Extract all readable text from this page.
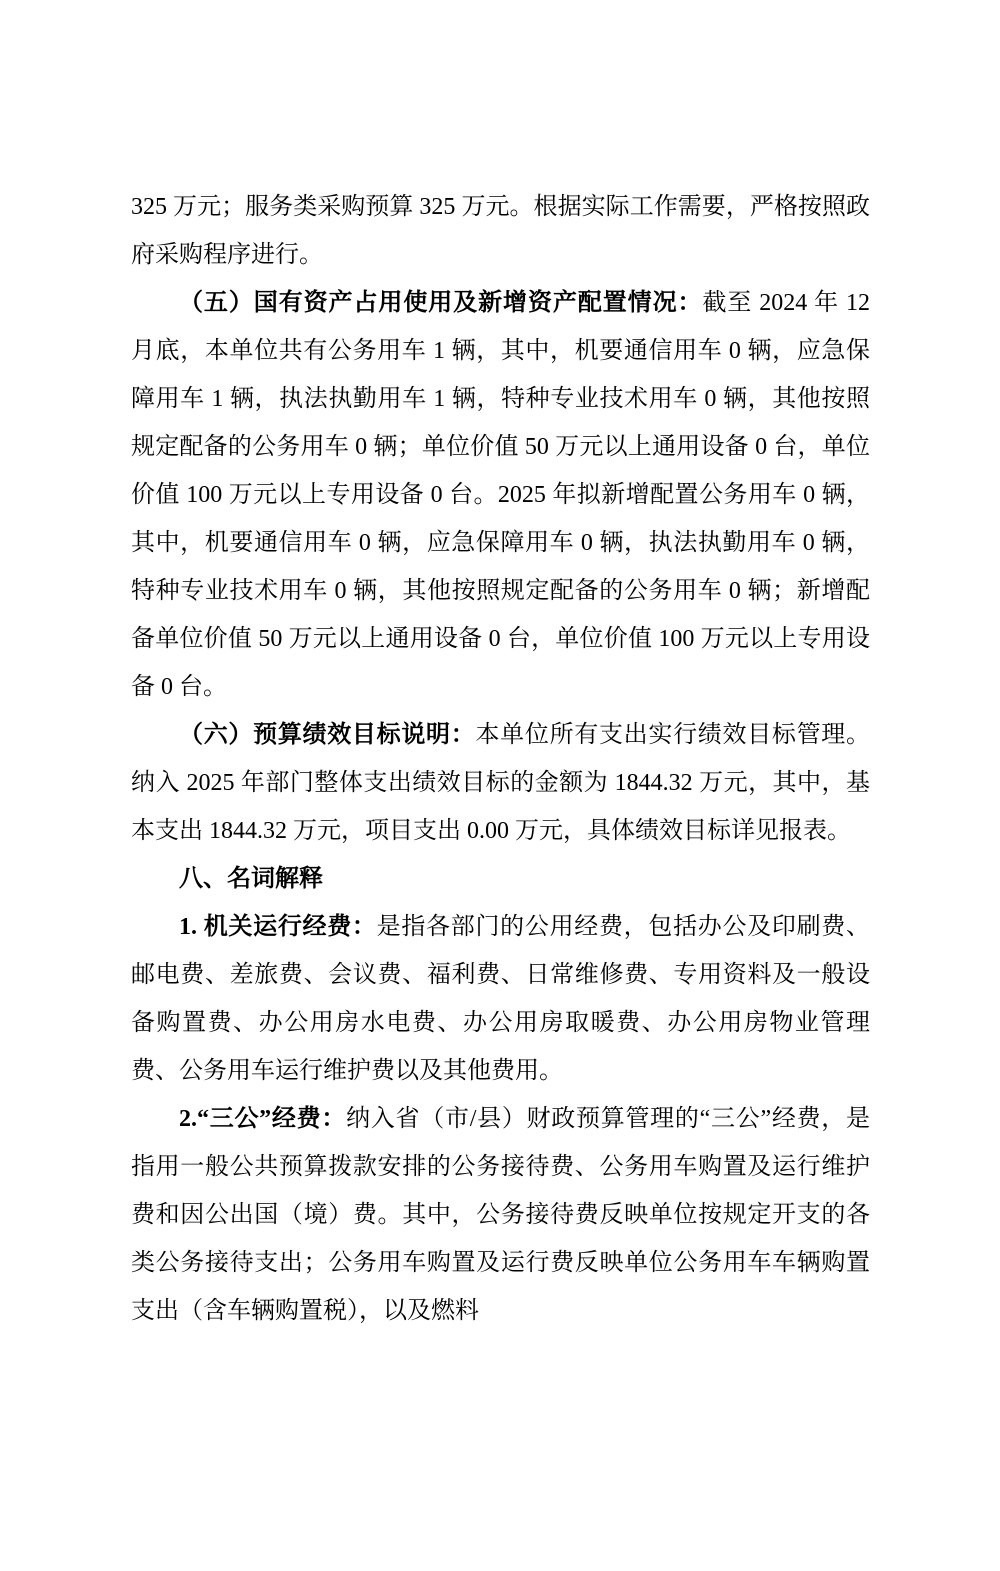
325 万元；服务类采购预算 325 万元。根据实际工作需要，严格按照政府采购程序进行。

（五）国有资产占用使用及新增资产配置情况：截至 2024 年 12 月底，本单位共有公务用车 1 辆，其中，机要通信用车 0 辆，应急保障用车 1 辆，执法执勤用车 1 辆，特种专业技术用车 0 辆，其他按照规定配备的公务用车 0 辆；单位价值 50 万元以上通用设备 0 台，单位价值 100 万元以上专用设备 0 台。2025 年拟新增配置公务用车 0 辆，其中，机要通信用车 0 辆，应急保障用车 0 辆，执法执勤用车 0 辆，特种专业技术用车 0 辆，其他按照规定配备的公务用车 0 辆；新增配备单位价值 50 万元以上通用设备 0 台，单位价值 100 万元以上专用设备 0 台。

（六）预算绩效目标说明：本单位所有支出实行绩效目标管理。纳入 2025 年部门整体支出绩效目标的金额为 1844.32 万元，其中，基本支出 1844.32 万元，项目支出 0.00 万元，具体绩效目标详见报表。

八、名词解释

1. 机关运行经费：是指各部门的公用经费，包括办公及印刷费、邮电费、差旅费、会议费、福利费、日常维修费、专用资料及一般设备购置费、办公用房水电费、办公用房取暖费、办公用房物业管理费、公务用车运行维护费以及其他费用。

2.“三公”经费：纳入省（市/县）财政预算管理的“三公”经费，是指用一般公共预算拨款安排的公务接待费、公务用车购置及运行维护费和因公出国（境）费。其中，公务接待费反映单位按规定开支的各类公务接待支出；公务用车购置及运行费反映单位公务用车车辆购置支出（含车辆购置税），以及燃料
